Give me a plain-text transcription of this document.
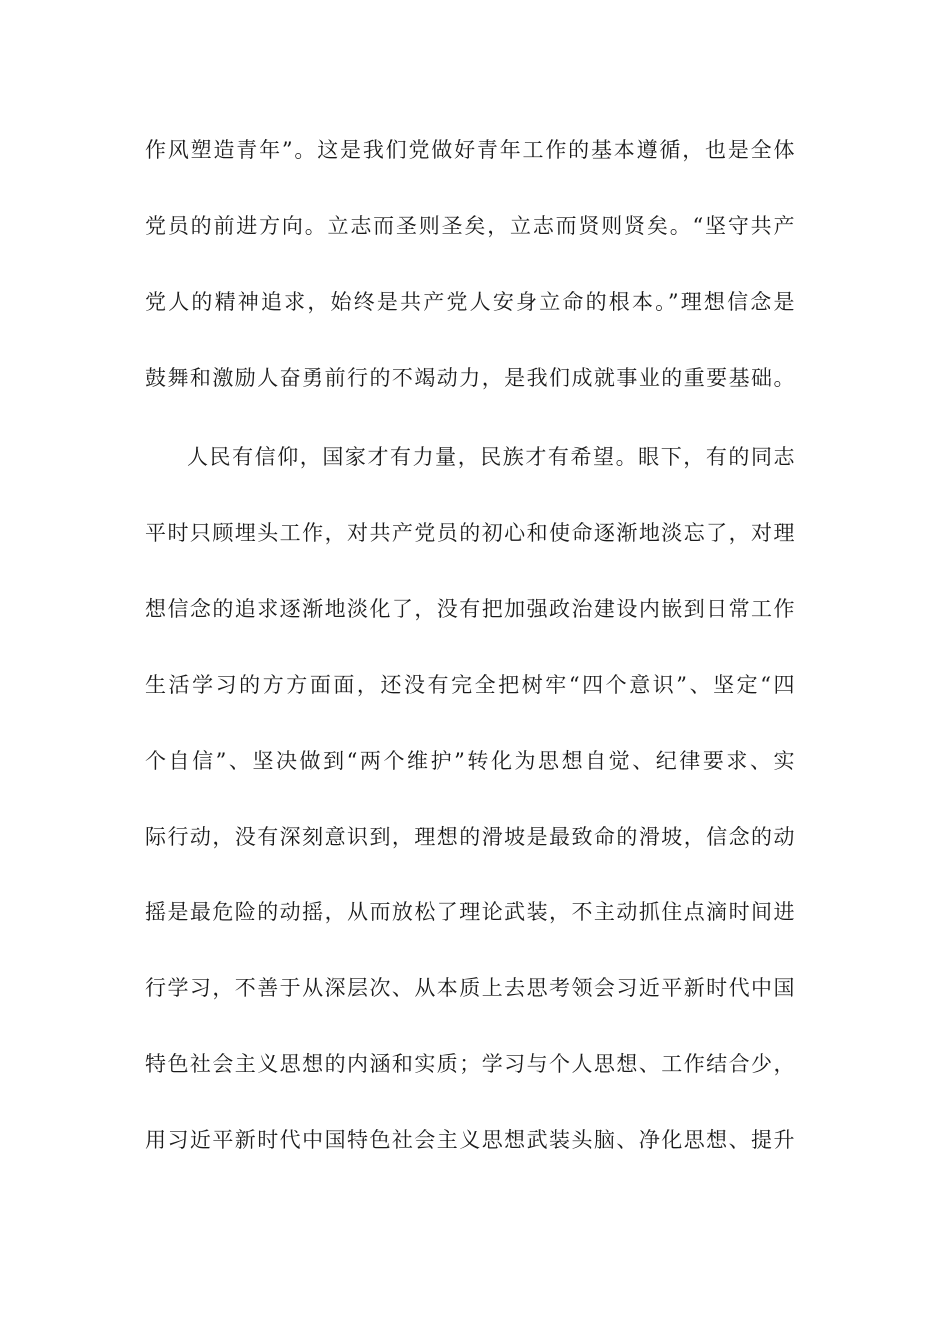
作风塑造青年”。这是我们党做好青年工作的基本遵循，也是全体
党员的前进方向。立志而圣则圣矣，立志而贤则贤矣。“坚守共产
党人的精神追求，始终是共产党人安身立命的根本。”理想信念是
鼓舞和激励人奋勇前行的不竭动力，是我们成就事业的重要基础。
人民有信仰，国家才有力量，民族才有希望。眼下，有的同志
平时只顾埋头工作，对共产党员的初心和使命逐渐地淡忘了，对理
想信念的追求逐渐地淡化了，没有把加强政治建设内嵌到日常工作
生活学习的方方面面，还没有完全把树牢“四个意识”、坚定“四
个自信”、坚决做到“两个维护”转化为思想自觉、纪律要求、实
际行动，没有深刻意识到，理想的滑坡是最致命的滑坡，信念的动
摇是最危险的动摇，从而放松了理论武装，不主动抓住点滴时间进
行学习，不善于从深层次、从本质上去思考领会习近平新时代中国
特色社会主义思想的内涵和实质；学习与个人思想、工作结合少，
用习近平新时代中国特色社会主义思想武装头脑、净化思想、提升
